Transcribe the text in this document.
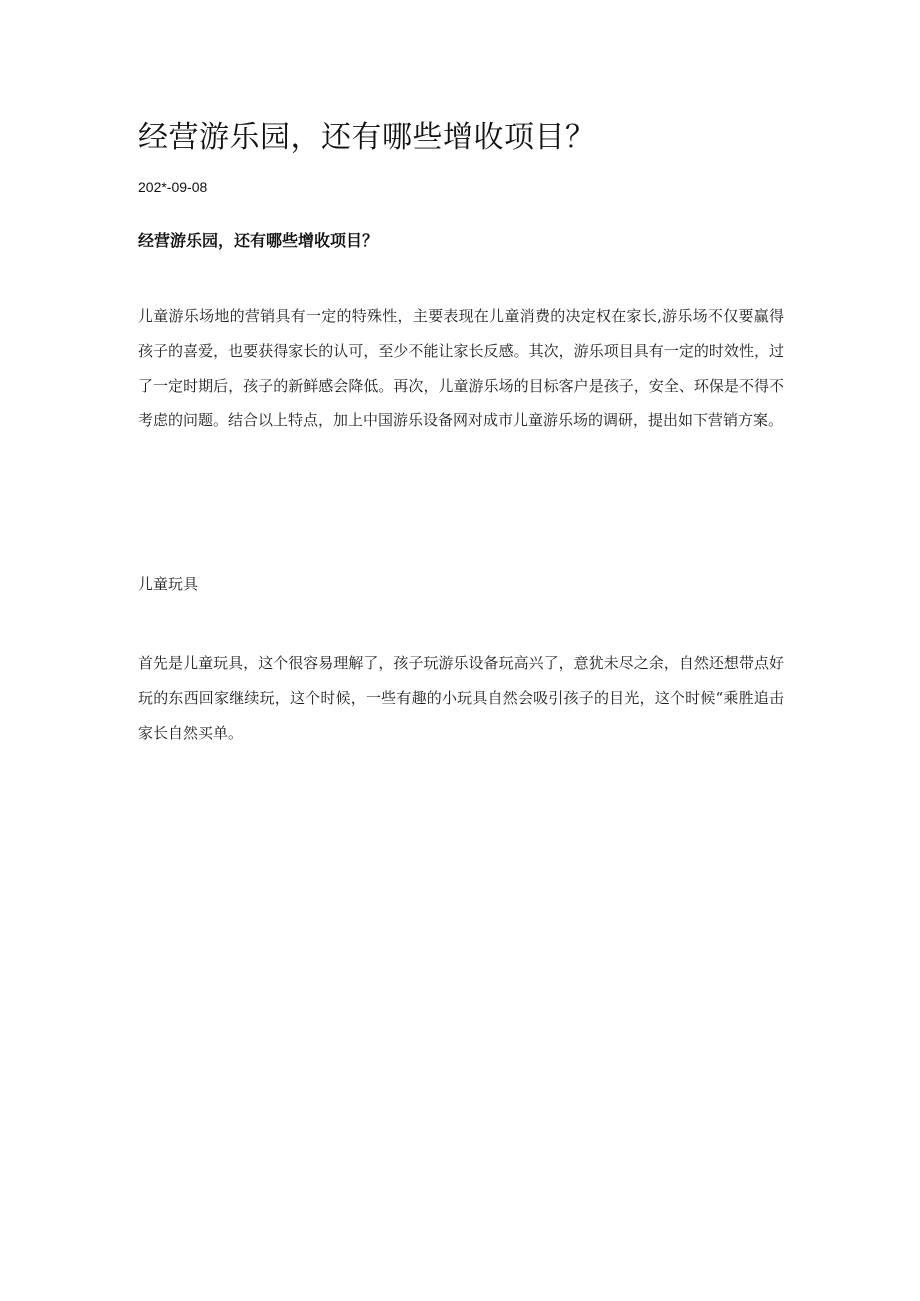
经营游乐园，还有哪些增收项目？
202*-09-08
经营游乐园，还有哪些增收项目？

儿童游乐场地的营销具有一定的特殊性，主要表现在儿童消费的决定权在家长,游乐场不仅要赢得孩子的喜爱，也要获得家长的认可，至少不能让家长反感。其次，游乐项目具有一定的时效性，过了一定时期后，孩子的新鲜感会降低。再次，儿童游乐场的目标客户是孩子，安全、环保是不得不考虑的问题。结合以上特点，加上中国游乐设备网对成市儿童游乐场的调研，提出如下营销方案。

儿童玩具

首先是儿童玩具，这个很容易理解了，孩子玩游乐设备玩高兴了，意犹未尽之余，自然还想带点好玩的东西回家继续玩，这个时候，一些有趣的小玩具自然会吸引孩子的目光，这个时候“乘胜追击家长自然买单。
